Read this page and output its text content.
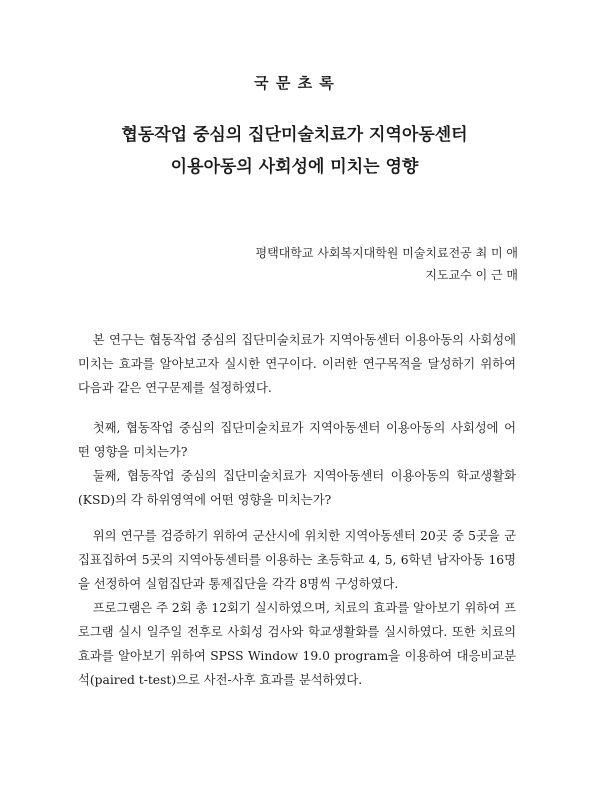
국 문 초 록
협동작업 중심의 집단미술치료가 지역아동센터
이용아동의 사회성에 미치는 영향
평택대학교 사회복지대학원 미술치료전공 최 미 애
지도교수 이 근 매

본 연구는 협동작업 중심의 집단미술치료가 지역아동센터 이용아동의 사회성에 미치는 효과를 알아보고자 실시한 연구이다. 이러한 연구목적을 달성하기 위하여 다음과 같은 연구문제를 설정하였다.

첫째, 협동작업 중심의 집단미술치료가 지역아동센터 이용아동의 사회성에 어떤 영향을 미치는가?

둘째, 협동작업 중심의 집단미술치료가 지역아동센터 이용아동의 학교생활화(KSD)의 각 하위영역에 어떤 영향을 미치는가?

위의 연구를 검증하기 위하여 군산시에 위치한 지역아동센터 20곳 중 5곳을 군집표집하여 5곳의 지역아동센터를 이용하는 초등학교 4, 5, 6학년 남자아동 16명을 선정하여 실험집단과 통제집단을 각각 8명씩 구성하였다.

프로그램은 주 2회 총 12회기 실시하였으며, 치료의 효과를 알아보기 위하여 프로그램 실시 일주일 전후로 사회성 검사와 학교생활화를 실시하였다. 또한 치료의 효과를 알아보기 위하여 SPSS Window 19.0 program을 이용하여 대응비교분석(paired t-test)으로 사전-사후 효과를 분석하였다.
